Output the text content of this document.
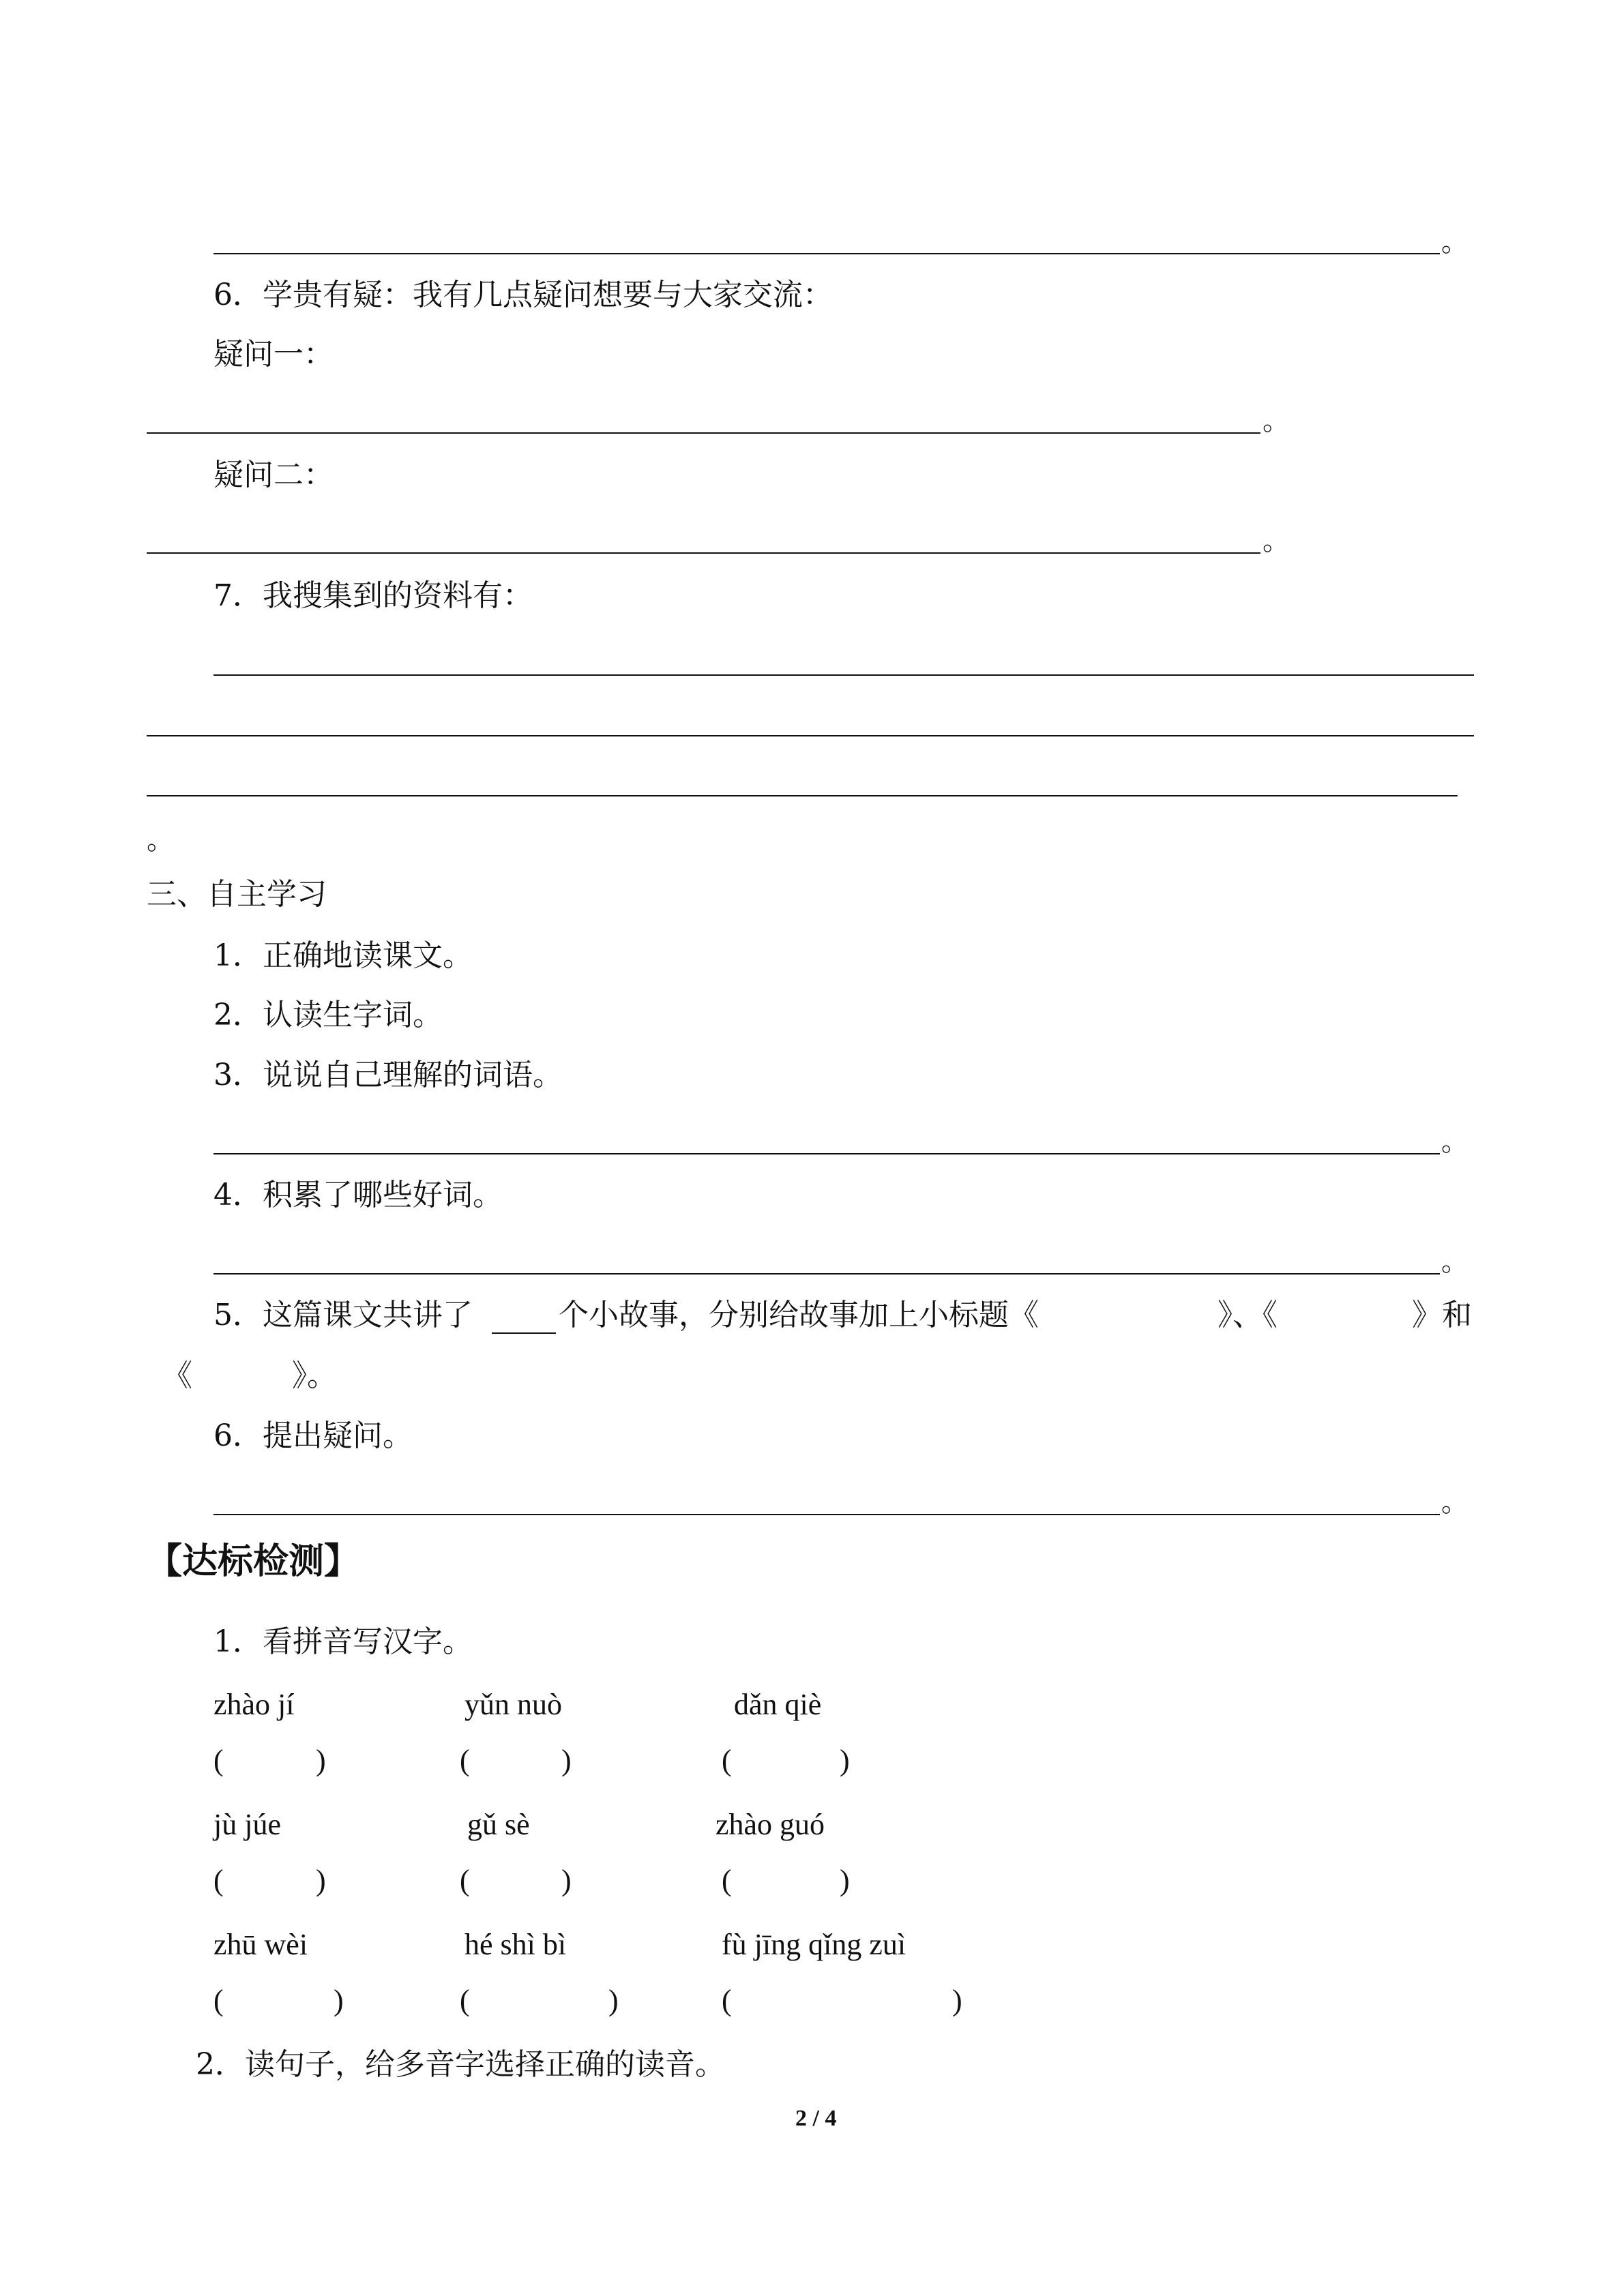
。
6．学贵有疑：我有几点疑问想要与大家交流：
疑问一：
。
疑问二：
。
7．我搜集到的资料有：
。
三、自主学习
1．正确地读课文。
2．认读生字词。
3．说说自己理解的词语。
。
4．积累了哪些好词。
。
5．这篇课文共讲了	个小故事，分别给故事加上小标题《	》、《	》和
《	》。
6．提出疑问。
。
【达标检测】
1．看拼音写汉字。
zhào jí	yǔn nuò	dǎn qiè
(	)	(	)	(	)
jù júe	gǔ sè	zhào guó
(	)	(	)	(	)
zhū wèi	hé shì bì	fù jīng qǐng zuì
(	)	(	)	(	)
2．读句子，给多音字选择正确的读音。
2 / 4
